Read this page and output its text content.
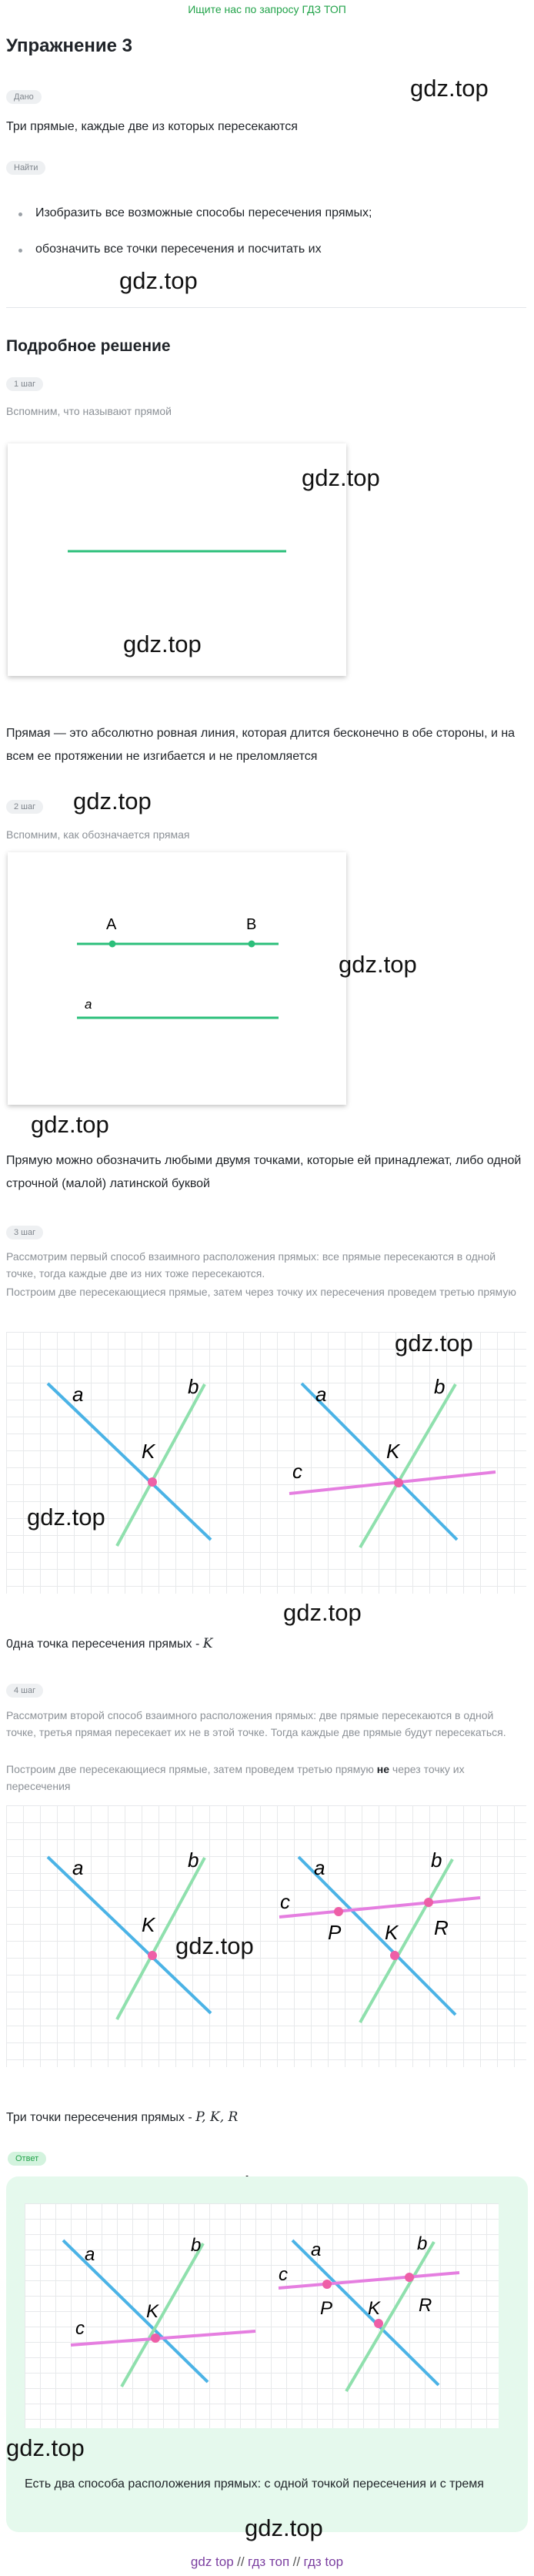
Ищите нас по запросу ГДЗ ТОП
Упражнение 3
gdz.top
Дано
Три прямые, каждые две из которых пересекаются
Найти
Изобразить все возможные способы пересечения прямых;
обозначить все точки пересечения и посчитать их
gdz.top
Подробное решение
1 шаг
Вспомним, что называют прямой
gdz.top
gdz.top
Прямая — это абсолютно ровная линия, которая длится бесконечно в обе стороны, и на всем ее протяжении не изгибается и не преломляется
gdz.top
2 шаг
Вспомним, как обозначается прямая
A	B
a
gdz.top
gdz.top
Прямую можно обозначить любыми двумя точками, которые ей принадлежат, либо одной строчной (малой) латинской буквой
3 шаг
Рассмотрим первый способ взаимного расположения прямых: все прямые пересекаются в одной точке, тогда каждые две из них тоже пересекаются.
Построим две пересекающиеся прямые, затем через точку их пересечения проведем третью прямую
a	b
K
a	b
c
K
gdz.top
gdz.top
gdz.top
0дна точка пересечения прямых - K
4 шаг
Рассмотрим второй способ взаимного расположения прямых: две прямые пересекаются в одной точке, третья прямая пересекает их не в этой точке. Тогда каждые две прямые будут пересекаться.
Построим две пересекающиеся прямые, затем проведем третью прямую не через точку их пересечения
a	b
K
a	b
c
P K R
gdz.top
Три точки пересечения прямых - P, K, R
Ответ
a	b
c
K
a	b
c
P K R
gdz.top
Есть два способа расположения прямых: с одной точкой пересечения и с тремя
gdz.top
gdz top // гдз топ // гдз top
